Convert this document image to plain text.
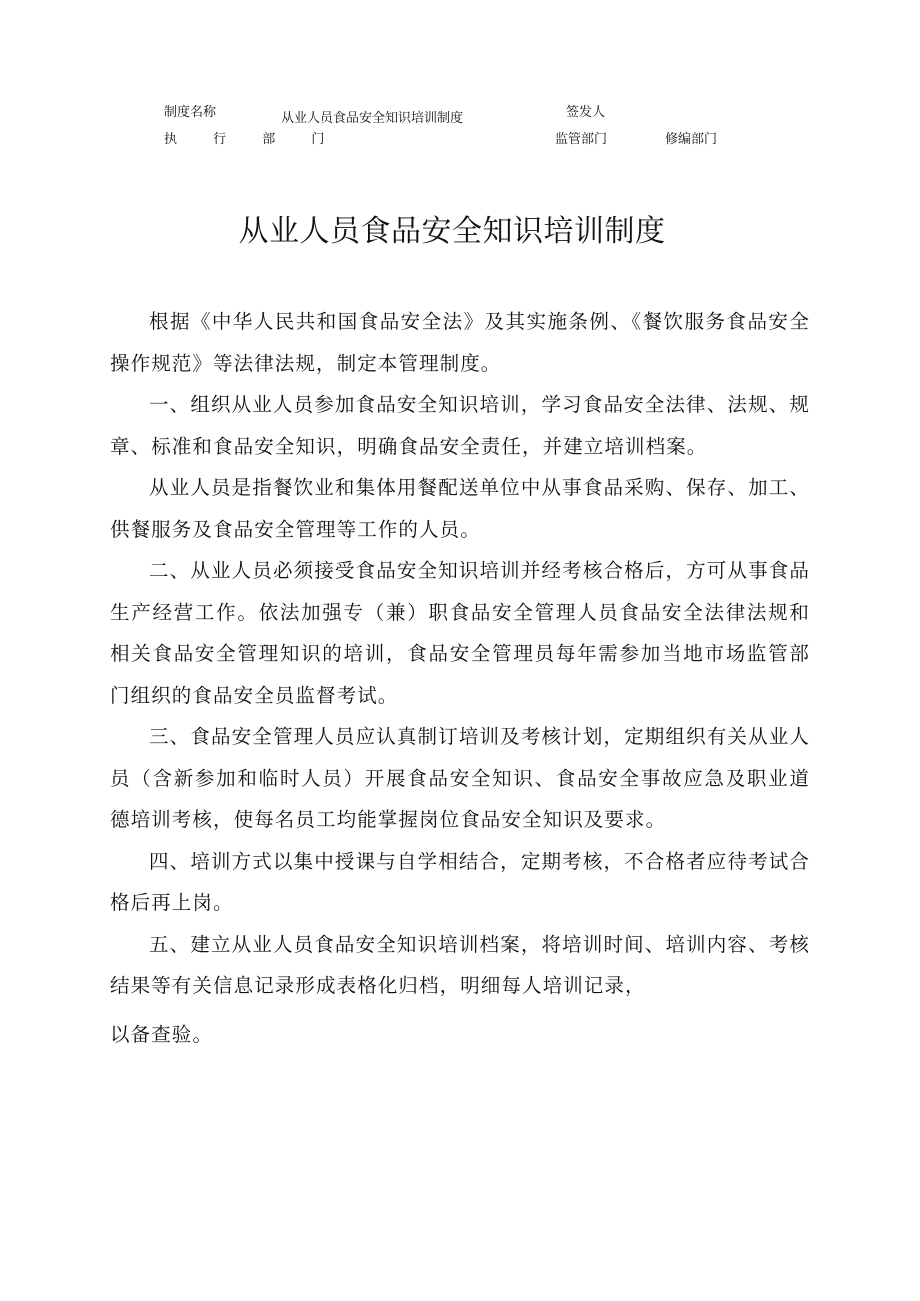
制度名称	从业人员食品安全知识培训制度	签发人
执 行 部 门	监管部门	修编部门
从业人员食品安全知识培训制度

根据《中华人民共和国食品安全法》及其实施条例、《餐饮服务食品安全操作规范》等法律法规，制定本管理制度。

一、组织从业人员参加食品安全知识培训，学习食品安全法律、法规、规章、标准和食品安全知识，明确食品安全责任，并建立培训档案。

从业人员是指餐饮业和集体用餐配送单位中从事食品采购、保存、加工、供餐服务及食品安全管理等工作的人员。

二、从业人员必须接受食品安全知识培训并经考核合格后，方可从事食品生产经营工作。依法加强专（兼）职食品安全管理人员食品安全法律法规和相关食品安全管理知识的培训，食品安全管理员每年需参加当地市场监管部门组织的食品安全员监督考试。

三、食品安全管理人员应认真制订培训及考核计划，定期组织有关从业人员（含新参加和临时人员）开展食品安全知识、食品安全事故应急及职业道德培训考核，使每名员工均能掌握岗位食品安全知识及要求。

四、培训方式以集中授课与自学相结合，定期考核，不合格者应待考试合格后再上岗。

五、建立从业人员食品安全知识培训档案，将培训时间、培训内容、考核结果等有关信息记录形成表格化归档，明细每人培训记录，

以备查验。
